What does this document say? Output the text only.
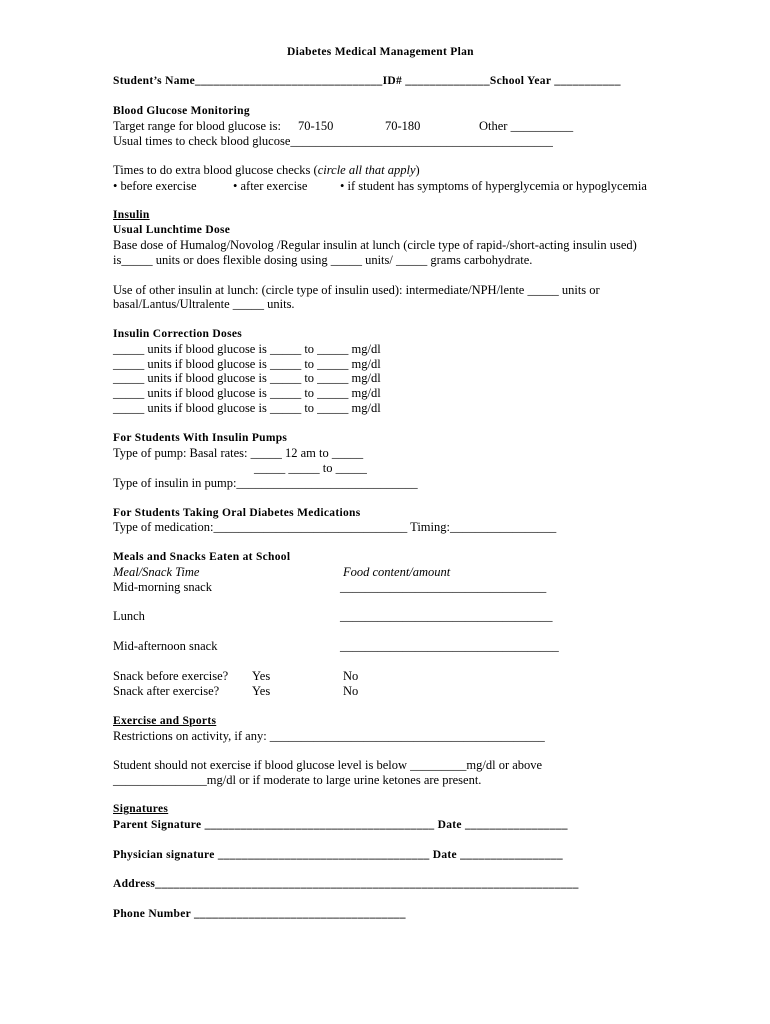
Diabetes Medical Management Plan
Student’s Name_______________________________ID# ______________School Year ___________
Blood Glucose Monitoring
Target range for blood glucose is: 70-150	70-180	Other __________
Usual times to check blood glucose__________________________________________
Times to do extra blood glucose checks (circle all that apply)
• before exercise	• after exercise	• if student has symptoms of hyperglycemia or hypoglycemia
Insulin
Usual Lunchtime Dose
Base dose of Humalog/Novolog /Regular insulin at lunch (circle type of rapid-/short-acting insulin used)
is_____ units or does flexible dosing using _____ units/ _____ grams carbohydrate.
Use of other insulin at lunch: (circle type of insulin used): intermediate/NPH/lente _____ units or
basal/Lantus/Ultralente _____ units.
Insulin Correction Doses
_____ units if blood glucose is _____ to _____ mg/dl
_____ units if blood glucose is _____ to _____ mg/dl
_____ units if blood glucose is _____ to _____ mg/dl
_____ units if blood glucose is _____ to _____ mg/dl
_____ units if blood glucose is _____ to _____ mg/dl
For Students With Insulin Pumps
Type of pump: Basal rates: _____ 12 am to _____
_____ _____ to _____
Type of insulin in pump:_____________________________
For Students Taking Oral Diabetes Medications
Type of medication:_______________________________ Timing:_________________
Meals and Snacks Eaten at School
Meal/Snack Time	Food content/amount
Mid-morning snack	_________________________________
Lunch	__________________________________
Mid-afternoon snack	___________________________________
Snack before exercise? Yes	No
Snack after exercise?	Yes	No
Exercise and Sports
Restrictions on activity, if any: ____________________________________________
Student should not exercise if blood glucose level is below _________mg/dl or above
_______________mg/dl or if moderate to large urine ketones are present.
Signatures
Parent Signature ______________________________________ Date _________________
Physician signature ___________________________________ Date _________________
Address______________________________________________________________________
Phone Number ___________________________________
